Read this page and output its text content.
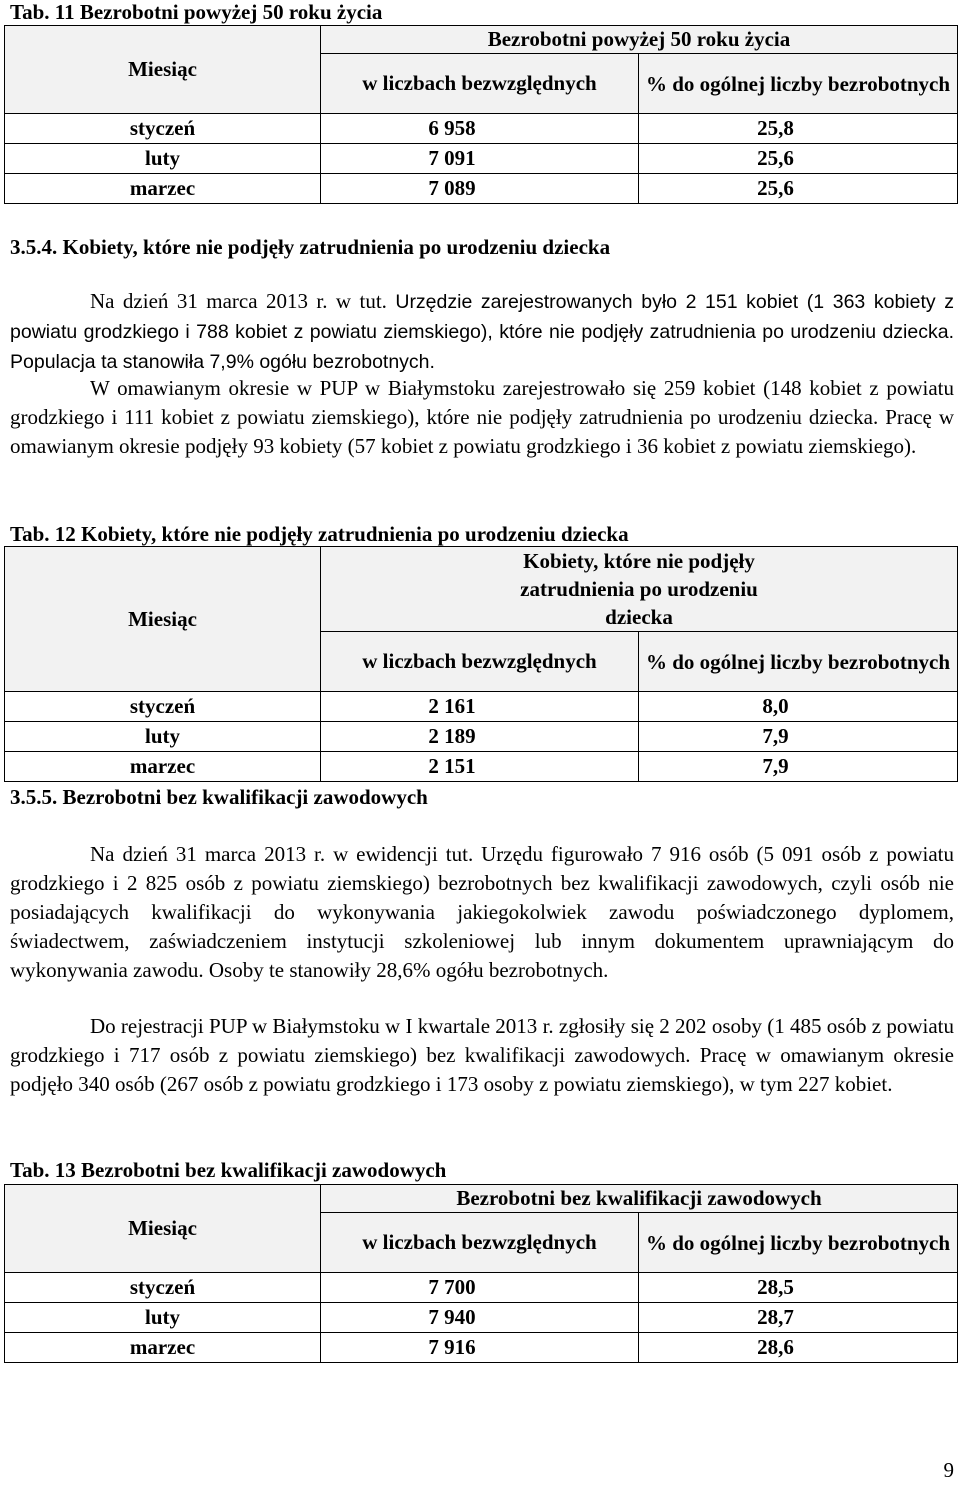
Tab. 11 Bezrobotni powyżej 50 roku życia
Miesiąc	Bezrobotni powyżej 50 roku życia	
	w liczbach bezwzględnych	% do ogólnej liczby bezrobotnych
styczeń	6 958	25,8
luty	7 091	25,6
marzec	7 089	25,6
3.5.4. Kobiety, które nie podjęły zatrudnienia po urodzeniu dziecka
Na dzień 31 marca 2013 r. w tut. Urzędzie zarejestrowanych było 2 151 kobiet (1 363 kobiety z powiatu grodzkiego i 788 kobiet z powiatu ziemskiego), które nie podjęły zatrudnienia po urodzeniu dziecka. Populacja ta stanowiła 7,9% ogółu bezrobotnych.
W omawianym okresie w PUP w Białymstoku zarejestrowało się 259 kobiet (148 kobiet z powiatu grodzkiego i 111 kobiet z powiatu ziemskiego), które nie podjęły zatrudnienia po urodzeniu dziecka. Pracę w omawianym okresie podjęły 93 kobiety (57 kobiet z powiatu grodzkiego i 36 kobiet z powiatu ziemskiego).
Tab. 12 Kobiety, które nie podjęły zatrudnienia po urodzeniu dziecka
Miesiąc	Kobiety, które nie podjęły zatrudnienia po urodzeniu dziecka	
	w liczbach bezwzględnych	% do ogólnej liczby bezrobotnych
styczeń	2 161	8,0
luty	2 189	7,9
marzec	2 151	7,9
3.5.5. Bezrobotni bez kwalifikacji zawodowych
Na dzień 31 marca 2013 r. w ewidencji tut. Urzędu figurowało 7 916 osób (5 091 osób z powiatu grodzkiego i 2 825 osób z powiatu ziemskiego) bezrobotnych bez kwalifikacji zawodowych, czyli osób nie posiadających kwalifikacji do wykonywania jakiegokolwiek zawodu poświadczonego dyplomem, świadectwem, zaświadczeniem instytucji szkoleniowej lub innym dokumentem uprawniającym do wykonywania zawodu. Osoby te stanowiły 28,6% ogółu bezrobotnych.
Do rejestracji PUP w Białymstoku w I kwartale 2013 r. zgłosiły się 2 202 osoby (1 485 osób z powiatu grodzkiego i 717 osób z powiatu ziemskiego) bez kwalifikacji zawodowych. Pracę w omawianym okresie podjęło 340 osób (267 osób z powiatu grodzkiego i 173 osoby z powiatu ziemskiego), w tym 227 kobiet.
Tab. 13 Bezrobotni bez kwalifikacji zawodowych
Miesiąc	Bezrobotni bez kwalifikacji zawodowych	
	w liczbach bezwzględnych	% do ogólnej liczby bezrobotnych
styczeń	7 700	28,5
luty	7 940	28,7
marzec	7 916	28,6
9
